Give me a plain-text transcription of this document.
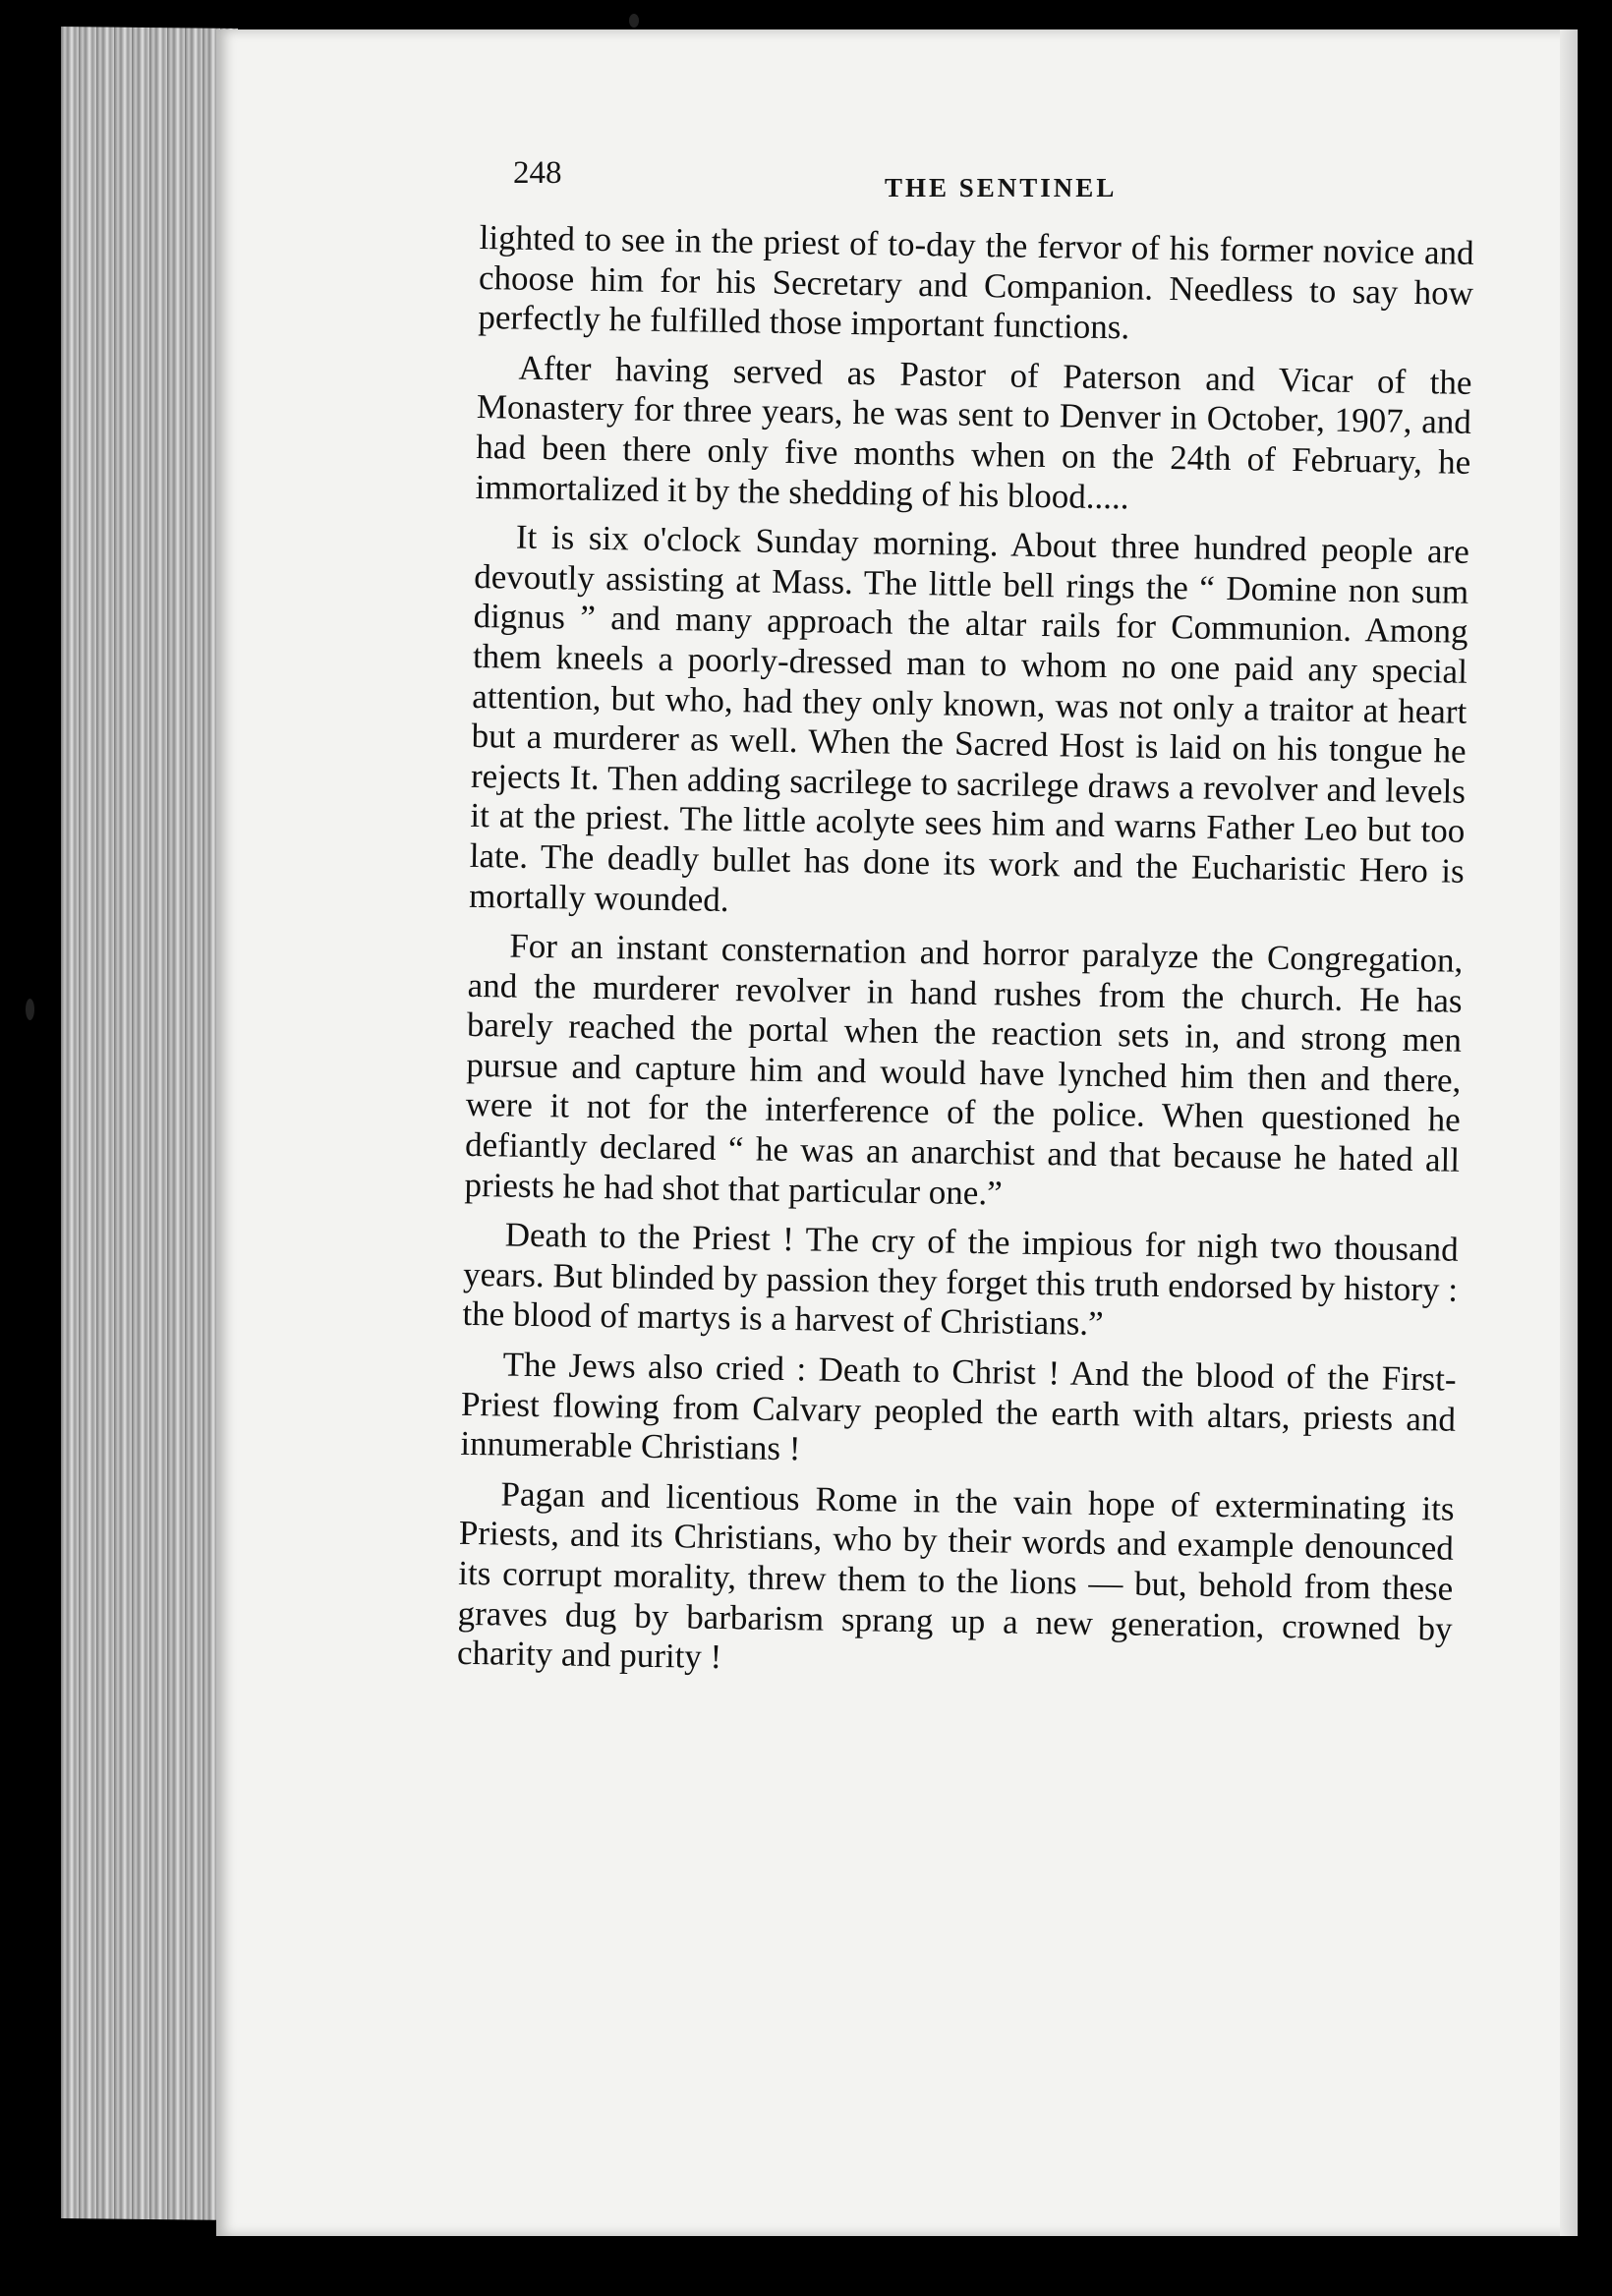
248	THE SENTINEL

lighted to see in the priest of to-day the fervor of his former novice and choose him for his Secretary and Companion. Needless to say how perfectly he fulfilled those important functions.

After having served as Pastor of Paterson and Vicar of the Monastery for three years, he was sent to Denver in October, 1907, and had been there only five months when on the 24th of February, he immortalized it by the shedding of his blood.....

It is six o'clock Sunday morning. About three hundred people are devoutly assisting at Mass. The little bell rings the “ Domine non sum dignus ” and many approach the altar rails for Communion. Among them kneels a poorly-dressed man to whom no one paid any special attention, but who, had they only known, was not only a traitor at heart but a murderer as well. When the Sacred Host is laid on his tongue he rejects It. Then adding sacrilege to sacrilege draws a revolver and levels it at the priest. The little acolyte sees him and warns Father Leo but too late. The deadly bullet has done its work and the Eucharistic Hero is mortally wounded.

For an instant consternation and horror paralyze the Congregation, and the murderer revolver in hand rushes from the church. He has barely reached the portal when the reaction sets in, and strong men pursue and capture him and would have lynched him then and there, were it not for the interference of the police. When questioned he defiantly declared “ he was an anarchist and that because he hated all priests he had shot that particular one.”

Death to the Priest ! The cry of the impious for nigh two thousand years. But blinded by passion they forget this truth endorsed by history : the blood of martys is a harvest of Christians.”

The Jews also cried : Death to Christ ! And the blood of the First-Priest flowing from Calvary peopled the earth with altars, priests and innumerable Christians !

Pagan and licentious Rome in the vain hope of exterminating its Priests, and its Christians, who by their words and example denounced its corrupt morality, threw them to the lions — but, behold from these graves dug by barbarism sprang up a new generation, crowned by charity and purity !
